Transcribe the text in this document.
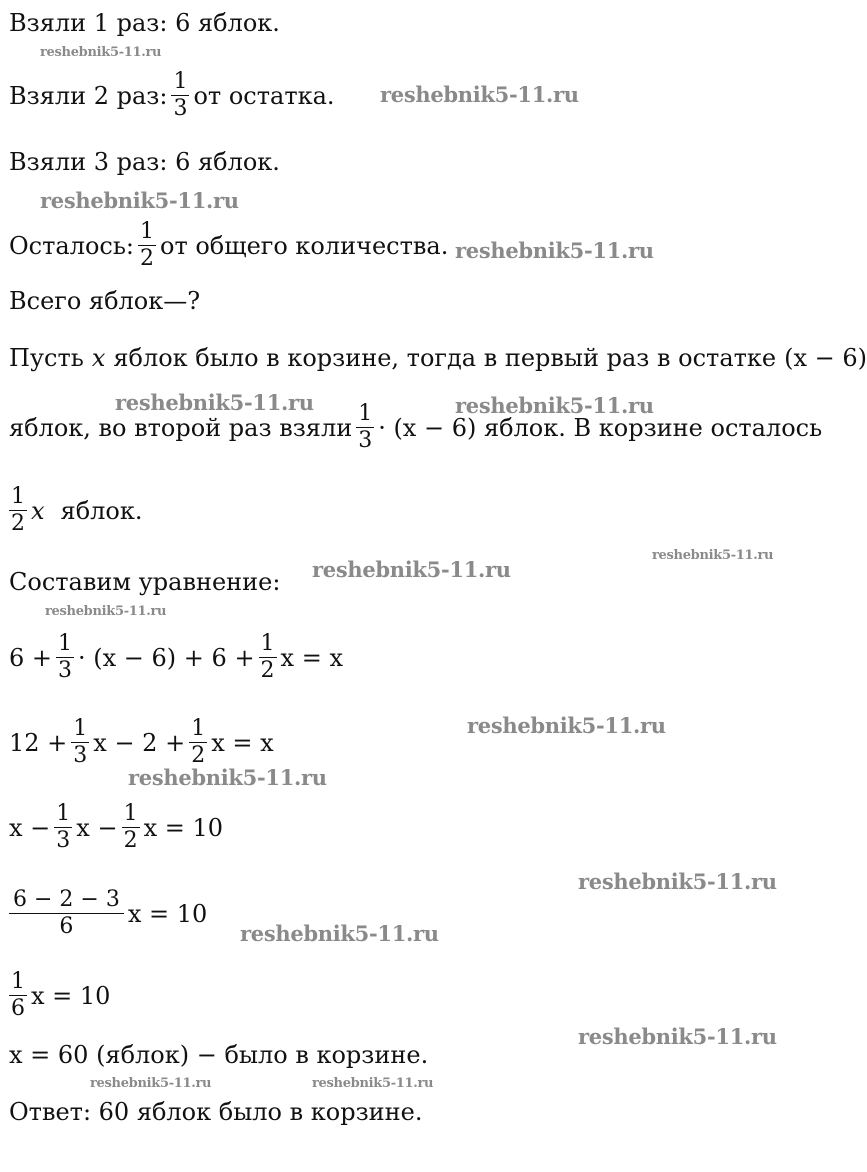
Взяли 1 раз: 6 яблок.
Взяли 2 раз: $\frac{1}{3}$ от остатка.
Взяли 3 раз: 6 яблок.
Осталось: $\frac{1}{2}$ от общего количества.
Всего яблок—?
Пусть x яблок было в корзине, тогда в первый раз в остатке (x − 6)
яблок, во второй раз взяли $\frac{1}{3} \cdot (x - 6)$ яблок. В корзине осталось
$\frac{1}{2}$ x яблок.
Составим уравнение:
$6 + \frac{1}{3} \cdot (x - 6) + 6 + \frac{1}{2}$ x = x
$12 + \frac{1}{3}$ $x - 2 + \frac{1}{2}$ x = x
$x - \frac{1}{3}$ $x - \frac{1}{2}$ x = 10
$\frac{6 - 2 - 3}{6}$ x = 10
$\frac{1}{6}$ x = 10
x = 60 (яблок) − было в корзине.
Ответ: 60 яблок было в корзине.
reshebnik5-11.ru
reshebnik5-11.ru
reshebnik5-11.ru
reshebnik5-11.ru
reshebnik5-11.ru	reshebnik5-11.ru
reshebnik5-11.ru
reshebnik5-11.ru
reshebnik5-11.ru
reshebnik5-11.ru
reshebnik5-11.ru
reshebnik5-11.ru
reshebnik5-11.ru
reshebnik5-11.ru
reshebnik5-11.ru	reshebnik5-11.ru
